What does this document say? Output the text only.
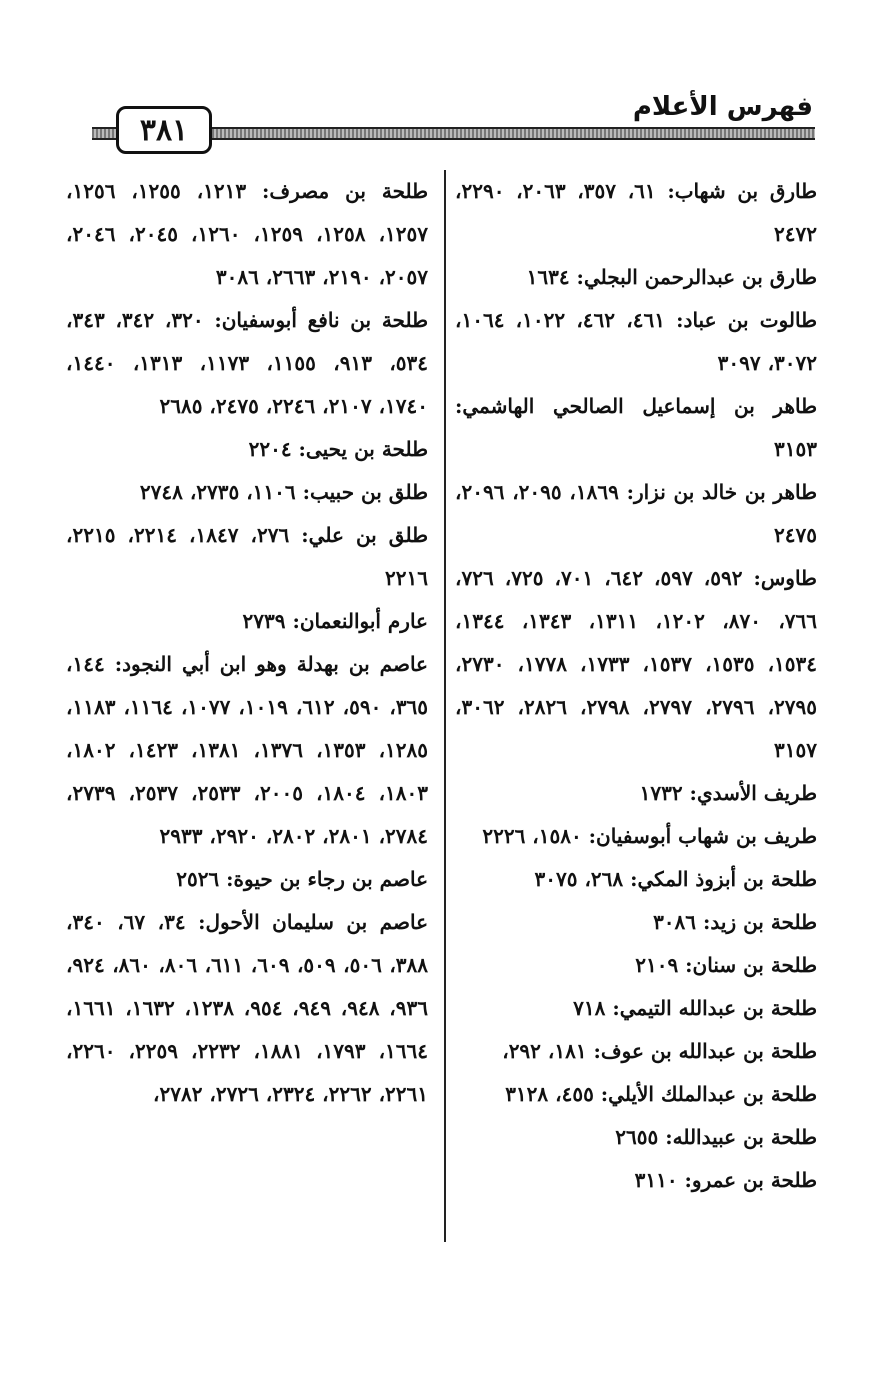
فهرس الأعلام
٣٨١

طارق بن شهاب: ٦١، ٣٥٧، ٢٠٦٣، ٢٢٩٠، ٢٤٧٢

طارق بن عبدالرحمن البجلي: ١٦٣٤

طالوت بن عباد: ٤٦١، ٤٦٢، ١٠٢٢، ١٠٦٤، ٣٠٧٢، ٣٠٩٧

طاهر بن إسماعيل الصالحي الهاشمي: ٣١٥٣

طاهر بن خالد بن نزار: ١٨٦٩، ٢٠٩٥، ٢٠٩٦، ٢٤٧٥

طاوس: ٥٩٢، ٥٩٧، ٦٤٢، ٧٠١، ٧٢٥، ٧٢٦، ٧٦٦، ٨٧٠، ١٢٠٢، ١٣١١، ١٣٤٣، ١٣٤٤، ١٥٣٤، ١٥٣٥، ١٥٣٧، ١٧٣٣، ١٧٧٨، ٢٧٣٠، ٢٧٩٥، ٢٧٩٦، ٢٧٩٧، ٢٧٩٨، ٢٨٢٦، ٣٠٦٢، ٣١٥٧

طريف الأسدي: ١٧٣٢

طريف بن شهاب أبوسفيان: ١٥٨٠، ٢٢٢٦

طلحة بن أبزوذ المكي: ٢٦٨، ٣٠٧٥

طلحة بن زيد: ٣٠٨٦

طلحة بن سنان: ٢١٠٩

طلحة بن عبدالله التيمي: ٧١٨

طلحة بن عبدالله بن عوف: ١٨١، ٢٩٢،

طلحة بن عبدالملك الأيلي: ٤٥٥، ٣١٢٨

طلحة بن عبيدالله: ٢٦٥٥

طلحة بن عمرو: ٣١١٠

طلحة بن مصرف: ١٢١٣، ١٢٥٥، ١٢٥٦، ١٢٥٧، ١٢٥٨، ١٢٥٩، ١٢٦٠، ٢٠٤٥، ٢٠٤٦، ٢٠٥٧، ٢١٩٠، ٢٦٦٣، ٣٠٨٦

طلحة بن نافع أبوسفيان: ٣٢٠، ٣٤٢، ٣٤٣، ٥٣٤، ٩١٣، ١١٥٥، ١١٧٣، ١٣١٣، ١٤٤٠، ١٧٤٠، ٢١٠٧، ٢٢٤٦، ٢٤٧٥، ٢٦٨٥

طلحة بن يحيى: ٢٢٠٤

طلق بن حبيب: ١١٠٦، ٢٧٣٥، ٢٧٤٨

طلق بن علي: ٢٧٦، ١٨٤٧، ٢٢١٤، ٢٢١٥، ٢٢١٦

عارم أبوالنعمان: ٢٧٣٩

عاصم بن بهدلة وهو ابن أبي النجود: ١٤٤، ٣٦٥، ٥٩٠، ٦١٢، ١٠١٩، ١٠٧٧، ١١٦٤، ١١٨٣، ١٢٨٥، ١٣٥٣، ١٣٧٦، ١٣٨١، ١٤٢٣، ١٨٠٢، ١٨٠٣، ١٨٠٤، ٢٠٠٥، ٢٥٣٣، ٢٥٣٧، ٢٧٣٩، ٢٧٨٤، ٢٨٠١، ٢٨٠٢، ٢٩٢٠، ٢٩٣٣

عاصم بن رجاء بن حيوة: ٢٥٢٦

عاصم بن سليمان الأحول: ٣٤، ٦٧، ٣٤٠، ٣٨٨، ٥٠٦، ٥٠٩، ٦٠٩، ٦١١، ٨٠٦، ٨٦٠، ٩٢٤، ٩٣٦، ٩٤٨، ٩٤٩، ٩٥٤، ١٢٣٨، ١٦٣٢، ١٦٦١، ١٦٦٤، ١٧٩٣، ١٨٨١، ٢٢٣٢، ٢٢٥٩، ٢٢٦٠، ٢٢٦١، ٢٢٦٢، ٢٣٢٤، ٢٧٢٦، ٢٧٨٢،
